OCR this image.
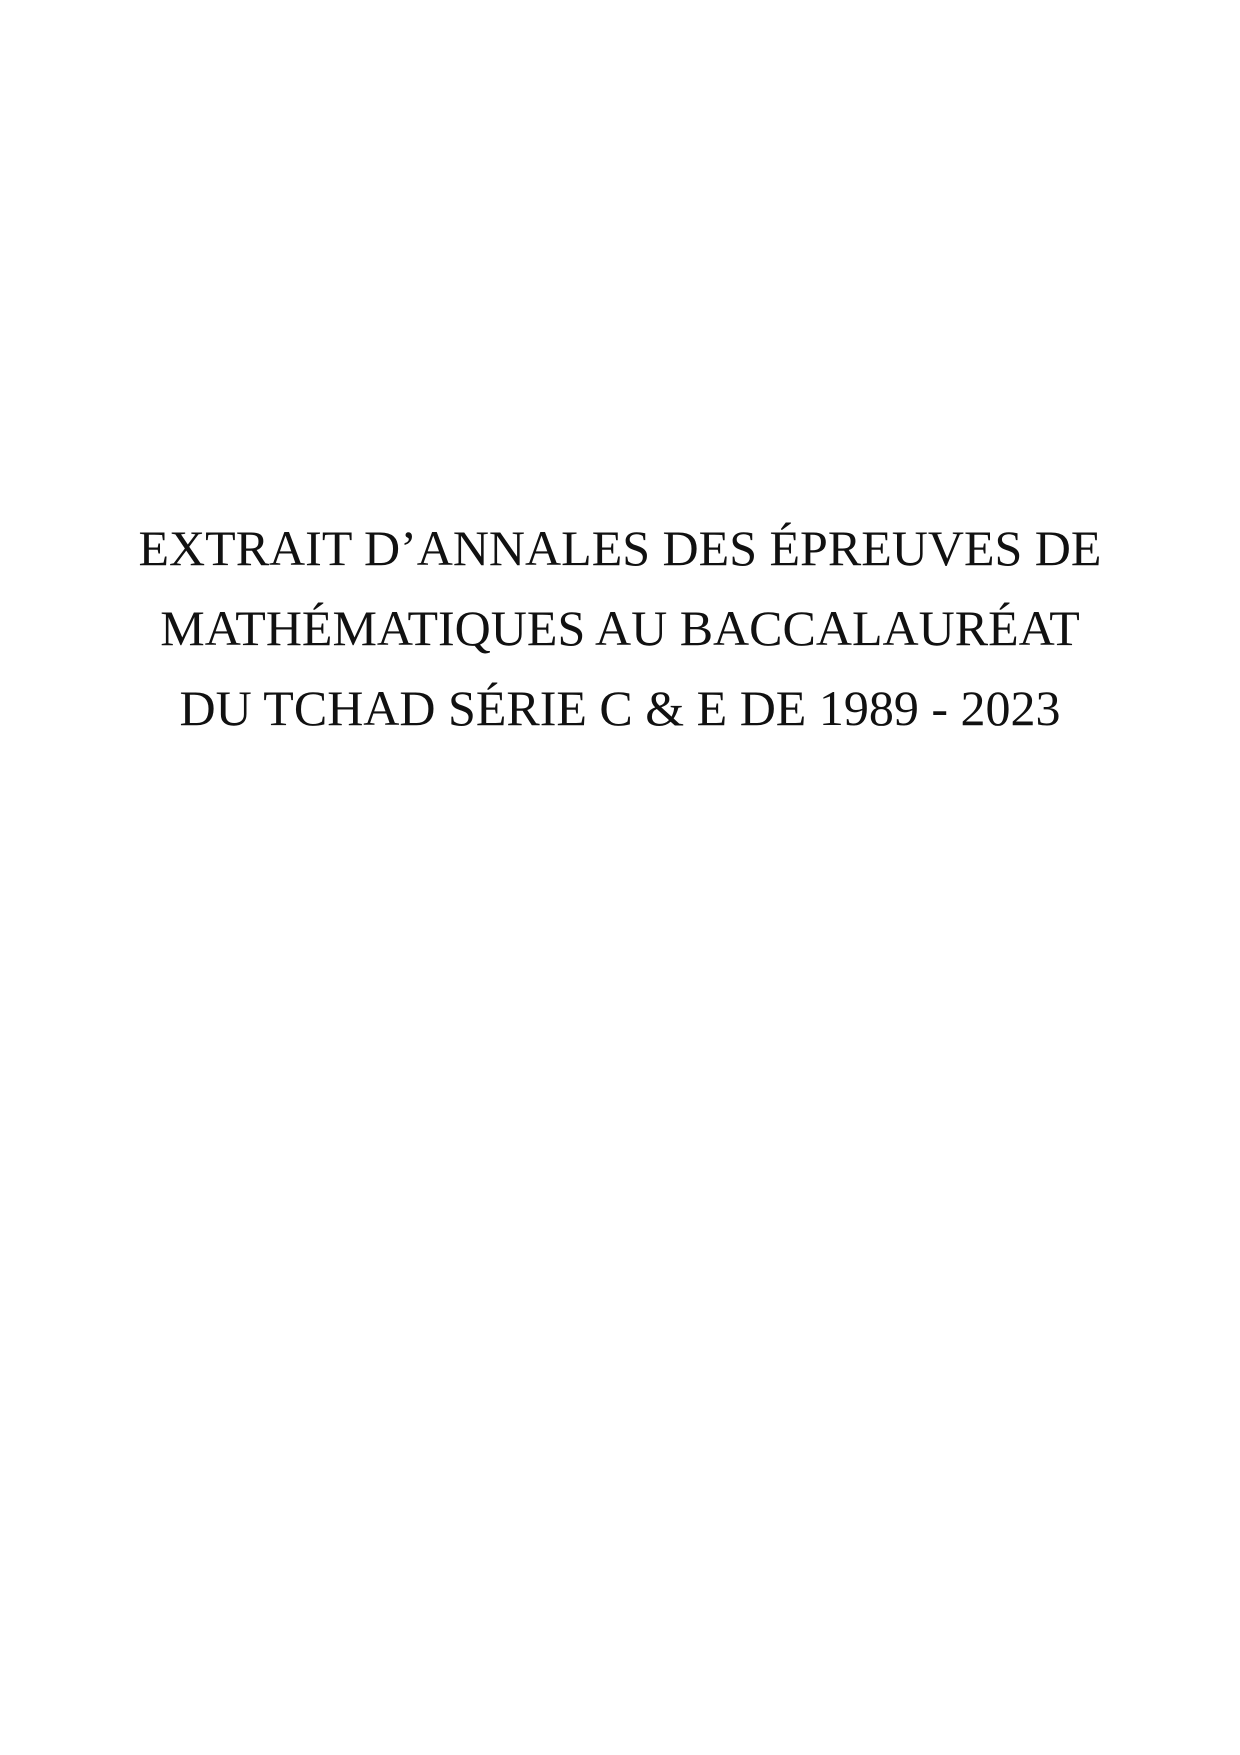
EXTRAIT D’ANNALES DES ÉPREUVES DE
MATHÉMATIQUES AU BACCALAURÉAT
DU TCHAD SÉRIE C & E DE 1989 - 2023
